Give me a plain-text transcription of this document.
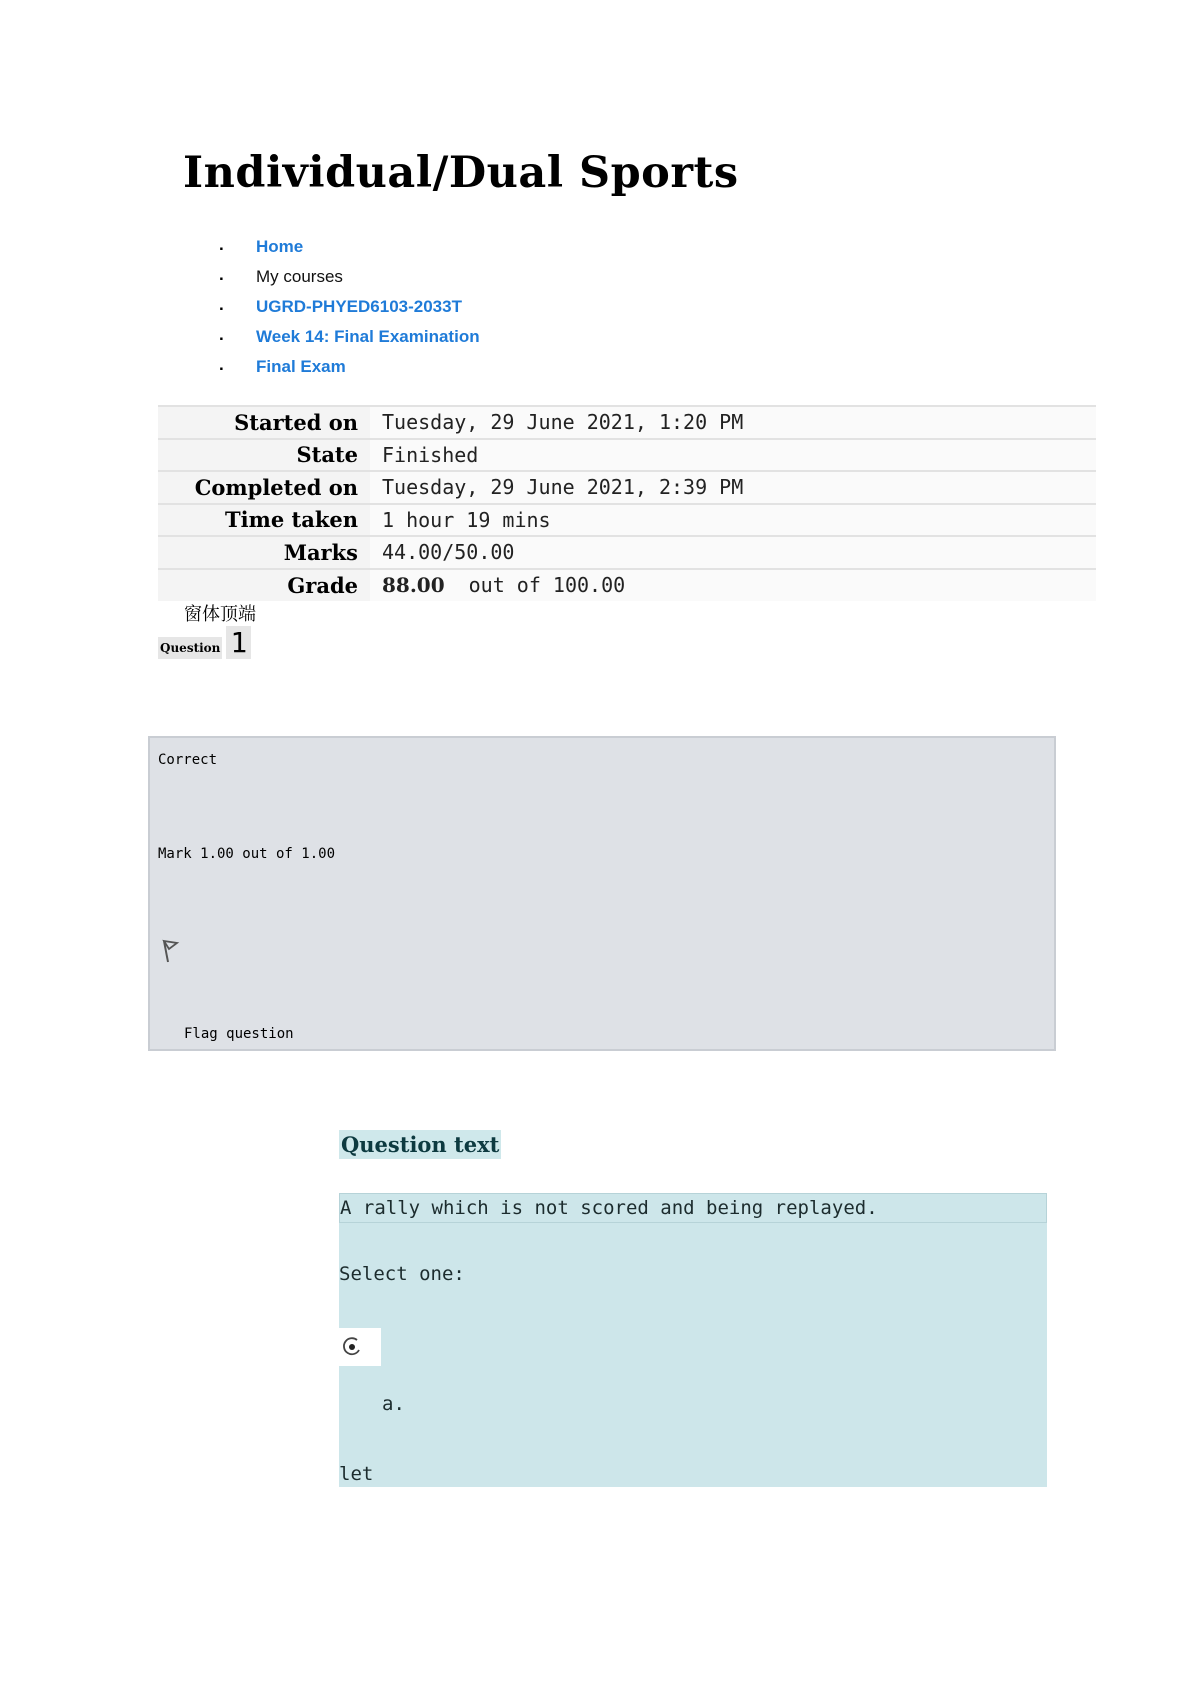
Individual/Dual Sports
. Home
. My courses
. UGRD-PHYED6103-2033T
. Week 14: Final Examination
. Final Exam
Started on	Tuesday, 29 June 2021, 1:20 PM
State	Finished
Completed on	Tuesday, 29 June 2021, 2:39 PM
Time taken	1 hour 19 mins
Marks	44.00/50.00
Grade	88.00 out of 100.00
窗体顶端
Question 1
Correct
Mark 1.00 out of 1.00
Flag question
Question text
A rally which is not scored and being replayed.
Select one:
a.
let
